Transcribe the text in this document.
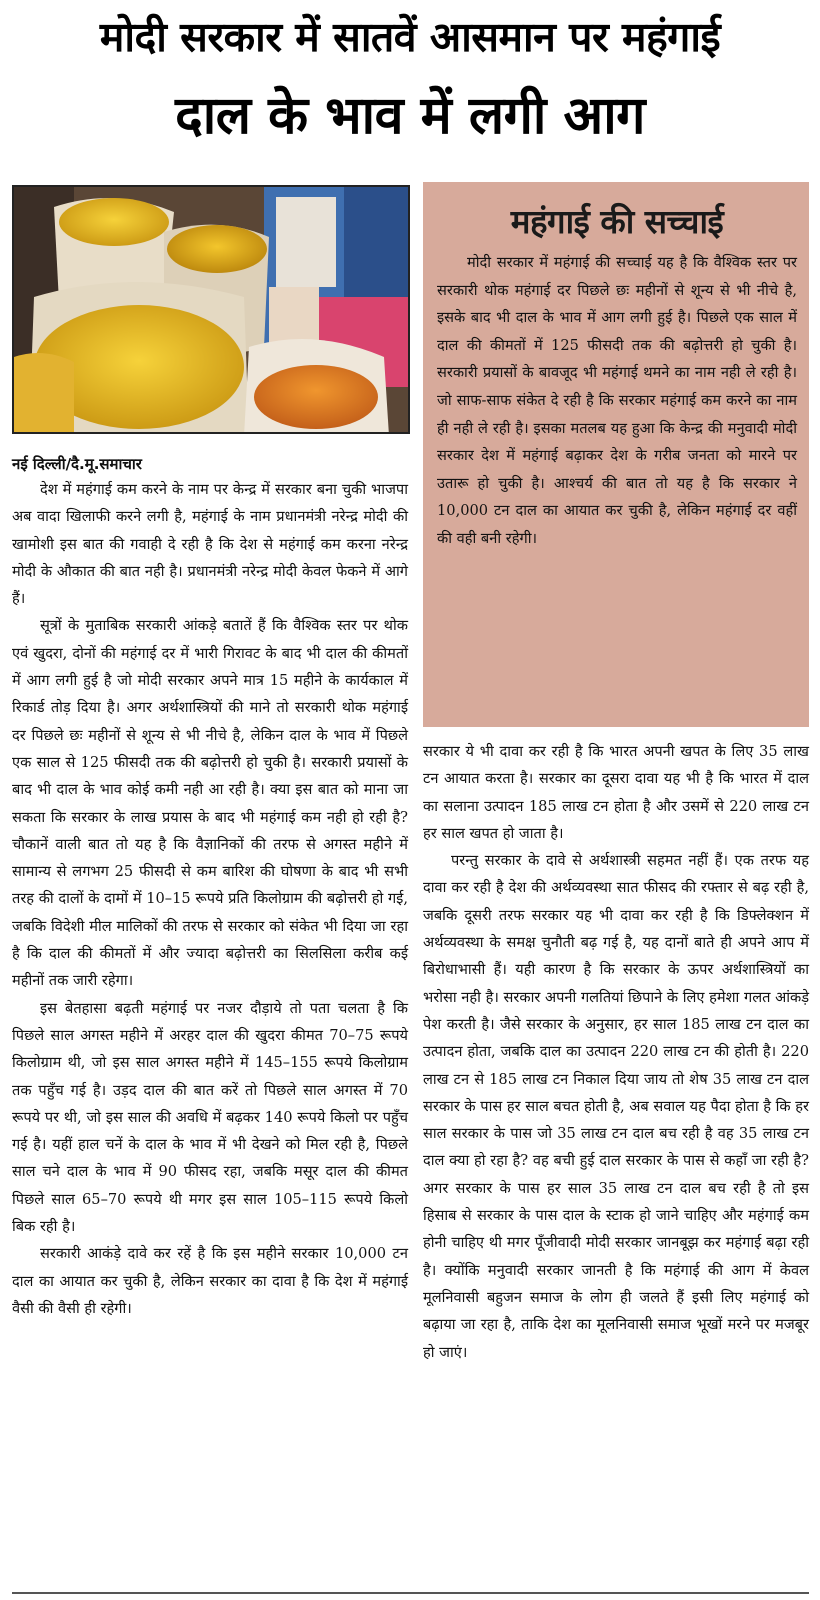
मोदी सरकार में सातवें आसमान पर महंगाई
दाल के भाव में लगी आग
महंगाई की सच्चाई

मोदी सरकार में महंगाई की सच्चाई यह है कि वैश्विक स्तर पर सरकारी थोक महंगाई दर पिछले छः महीनों से शून्य से भी नीचे है, इसके बाद भी दाल के भाव में आग लगी हुई है। पिछले एक साल में दाल की कीमतों में 125 फीसदी तक की बढ़ोत्तरी हो चुकी है। सरकारी प्रयासों के बावजूद भी महंगाई थमने का नाम नही ले रही है। जो साफ-साफ संकेत दे रही है कि सरकार महंगाई कम करने का नाम ही नही ले रही है। इसका मतलब यह हुआ कि केन्द्र की मनुवादी मोदी सरकार देश में महंगाई बढ़ाकर देश के गरीब जनता को मारने पर उतारू हो चुकी है। आश्चर्य की बात तो यह है कि सरकार ने 10,000 टन दाल का आयात कर चुकी है, लेकिन महंगाई दर वहीं की वही बनी रहेगी।

नई दिल्ली/दै.मू.समाचार

देश में महंगाई कम करने के नाम पर केन्द्र में सरकार बना चुकी भाजपा अब वादा खिलाफी करने लगी है, महंगाई के नाम प्रधानमंत्री नरेन्द्र मोदी की खामोशी इस बात की गवाही दे रही है कि देश से महंगाई कम करना नरेन्द्र मोदी के औकात की बात नही है। प्रधानमंत्री नरेन्द्र मोदी केवल फेकने में आगे हैं।

सूत्रों के मुताबिक सरकारी आंकड़े बतातें हैं कि वैश्विक स्तर पर थोक एवं खुदरा, दोनों की महंगाई दर में भारी गिरावट के बाद भी दाल की कीमतों में आग लगी हुई है जो मोदी सरकार अपने मात्र 15 महीने के कार्यकाल में रिकार्ड तोड़ दिया है। अगर अर्थशास्त्रियों की माने तो सरकारी थोक महंगाई दर पिछले छः महीनों से शून्य से भी नीचे है, लेकिन दाल के भाव में पिछले एक साल से 125 फीसदी तक की बढ़ोत्तरी हो चुकी है। सरकारी प्रयासों के बाद भी दाल के भाव कोई कमी नही आ रही है। क्या इस बात को माना जा सकता कि सरकार के लाख प्रयास के बाद भी महंगाई कम नही हो रही है? चौकानें वाली बात तो यह है कि वैज्ञानिकों की तरफ से अगस्त महीने में सामान्य से लगभग 25 फीसदी से कम बारिश की घोषणा के बाद भी सभी तरह की दालों के दामों में 10–15 रूपये प्रति किलोग्राम की बढ़ोत्तरी हो गई, जबकि विदेशी मील मालिकों की तरफ से सरकार को संकेत भी दिया जा रहा है कि दाल की कीमतों में और ज्यादा बढ़ोत्तरी का सिलसिला करीब कई महीनों तक जारी रहेगा।

इस बेतहासा बढ़ती महंगाई पर नजर दौड़ाये तो पता चलता है कि पिछले साल अगस्त महीने में अरहर दाल की खुदरा कीमत 70–75 रूपये किलोग्राम थी, जो इस साल अगस्त महीने में 145–155 रूपये किलोग्राम तक पहुँच गई है। उड़द दाल की बात करें तो पिछले साल अगस्त में 70 रूपये पर थी, जो इस साल की अवधि में बढ़कर 140 रूपये किलो पर पहुँच गई है। यहीं हाल चनें के दाल के भाव में भी देखने को मिल रही है, पिछले साल चने दाल के भाव में 90 फीसद रहा, जबकि मसूर दाल की कीमत पिछले साल 65–70 रूपये थी मगर इस साल 105–115 रूपये किलो बिक रही है।

सरकारी आकंड़े दावे कर रहें है कि इस महीने सरकार 10,000 टन दाल का आयात कर चुकी है, लेकिन सरकार का दावा है कि देश में महंगाई वैसी की वैसी ही रहेगी।

सरकार ये भी दावा कर रही है कि भारत अपनी खपत के लिए 35 लाख टन आयात करता है। सरकार का दूसरा दावा यह भी है कि भारत में दाल का सलाना उत्पादन 185 लाख टन होता है और उसमें से 220 लाख टन हर साल खपत हो जाता है।

परन्तु सरकार के दावे से अर्थशास्त्री सहमत नहीं हैं। एक तरफ यह दावा कर रही है देश की अर्थव्यवस्था सात फीसद की रफ्तार से बढ़ रही है, जबकि दूसरी तरफ सरकार यह भी दावा कर रही है कि डिफ्लेक्शन में अर्थव्यवस्था के समक्ष चुनौती बढ़ गई है, यह दानों बाते ही अपने आप में बिरोधाभासी हैं। यही कारण है कि सरकार के ऊपर अर्थशास्त्रियों का भरोसा नही है। सरकार अपनी गलतियां छिपाने के लिए हमेशा गलत आंकड़े पेश करती है। जैसे सरकार के अनुसार, हर साल 185 लाख टन दाल का उत्पादन होता, जबकि दाल का उत्पादन 220 लाख टन की होती है। 220 लाख टन से 185 लाख टन निकाल दिया जाय तो शेष 35 लाख टन दाल सरकार के पास हर साल बचत होती है, अब सवाल यह पैदा होता है कि हर साल सरकार के पास जो 35 लाख टन दाल बच रही है वह 35 लाख टन दाल क्या हो रहा है? वह बची हुई दाल सरकार के पास से कहाँ जा रही है? अगर सरकार के पास हर साल 35 लाख टन दाल बच रही है तो इस हिसाब से सरकार के पास दाल के स्टाक हो जाने चाहिए और महंगाई कम होनी चाहिए थी मगर पूँजीवादी मोदी सरकार जानबूझ कर महंगाई बढ़ा रही है। क्योंकि मनुवादी सरकार जानती है कि महंगाई की आग में केवल मूलनिवासी बहुजन समाज के लोग ही जलते हैं इसी लिए महंगाई को बढ़ाया जा रहा है, ताकि देश का मूलनिवासी समाज भूखों मरने पर मजबूर हो जाएं।
